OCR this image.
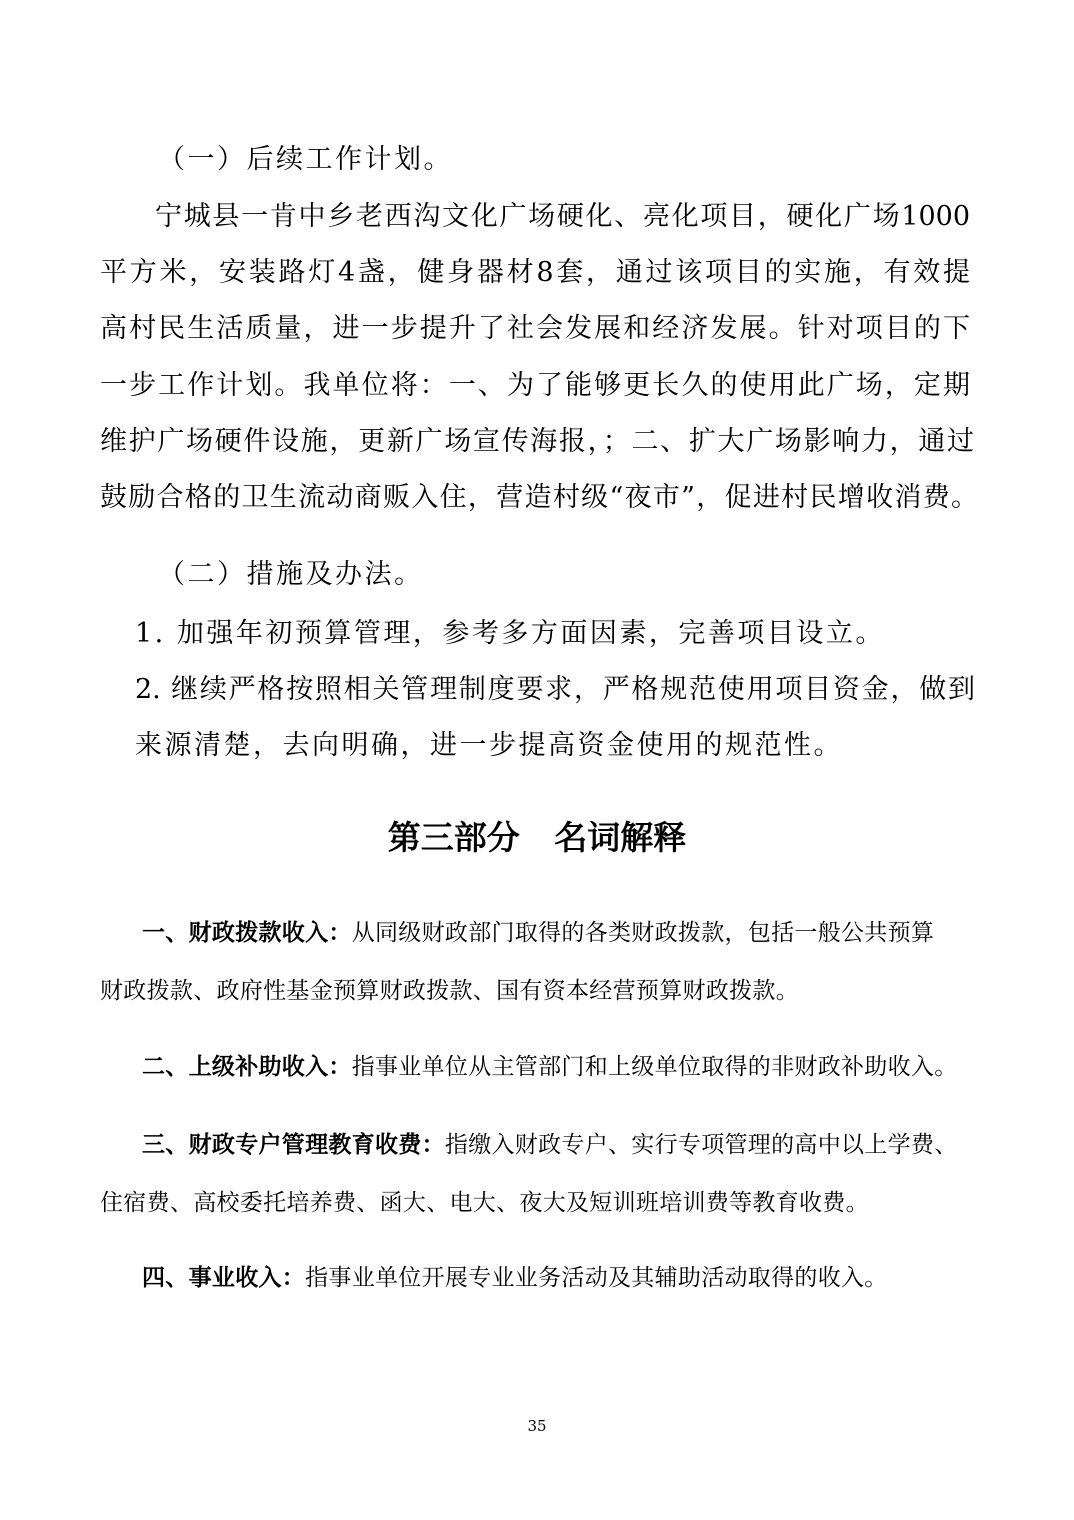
（一）后续工作计划。
宁城县一肯中乡老西沟文化广场硬化、亮化项目，硬化广场1000
平方米，安装路灯4盏，健身器材8套，通过该项目的实施，有效提
高村民生活质量，进一步提升了社会发展和经济发展。针对项目的下
一步工作计划。我单位将：一、为了能够更长久的使用此广场，定期
维护广场硬件设施，更新广场宣传海报，；二、扩大广场影响力，通过
鼓励合格的卫生流动商贩入住，营造村级“夜市”，促进村民增收消费。
（二）措施及办法。
1. 加强年初预算管理，参考多方面因素，完善项目设立。
2. 继续严格按照相关管理制度要求，严格规范使用项目资金，做到
来源清楚，去向明确，进一步提高资金使用的规范性。
第三部分   名词解释
一、财政拨款收入：从同级财政部门取得的各类财政拨款，包括一般公共预算
财政拨款、政府性基金预算财政拨款、国有资本经营预算财政拨款。
二、上级补助收入：指事业单位从主管部门和上级单位取得的非财政补助收入。
三、财政专户管理教育收费：指缴入财政专户、实行专项管理的高中以上学费、
住宿费、高校委托培养费、函大、电大、夜大及短训班培训费等教育收费。
四、事业收入：指事业单位开展专业业务活动及其辅助活动取得的收入。
35
